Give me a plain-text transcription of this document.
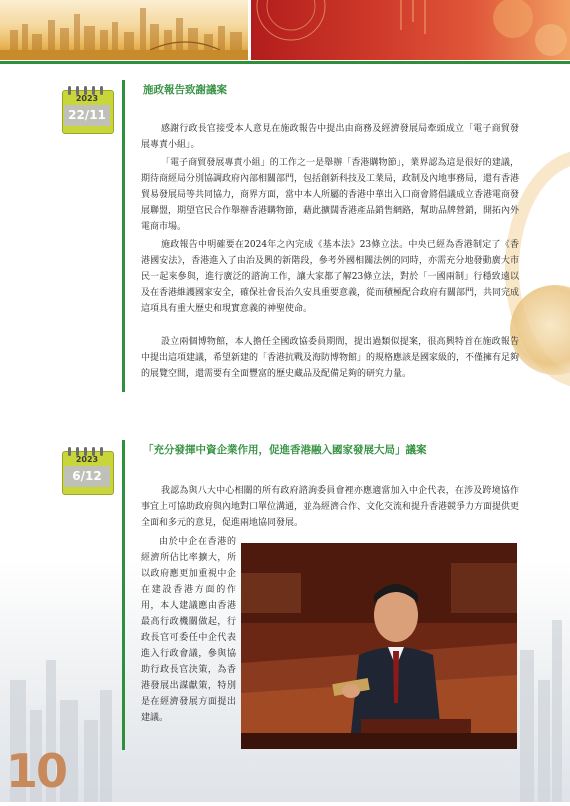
2023
22/11
施政報告致謝議案

感謝行政長官接受本人意見在施政報告中提出由商務及經濟發展局牽頭成立「電子商貿發展專責小組」。

「電子商貿發展專責小組」的工作之一是舉辦「香港購物節」，業界認為這是很好的建議，期待商經局分別協調政府內部相關部門，包括創新科技及工業局，政制及內地事務局，還有香港貿易發展局等共同協力，商界方面，當中本人所屬的香港中華出入口商會將倡議成立香港電商發展聯盟，期望官民合作舉辦香港購物節，藉此擴闊香港產品銷售網路，幫助品牌營銷，開拓內外電商市場。

施政報告中明確要在2024年之內完成《基本法》23條立法。中央已經為香港制定了《香港國安法》，香港進入了由治及興的新階段，參考外國相關法例的同時，亦需充分地發動廣大市民一起來參與，進行廣泛的諮詢工作，讓大家都了解23條立法，對於「一國兩制」行穩致遠以及在香港維護國家安全，確保社會長治久安具重要意義，從而積極配合政府有關部門，共同完成這項具有重大歷史和現實意義的神聖使命。

設立兩個博物館，本人擔任全國政協委員期間，提出過類似提案，很高興特首在施政報告中提出這項建議，希望新建的「香港抗戰及海防博物館」的規格應該是國家級的，不僅擁有足夠的展覽空間，還需要有全面豐富的歷史藏品及配備足夠的研究力量。

2023
6/12
「充分發揮中資企業作用，促進香港融入國家發展大局」議案

我認為與八大中心相關的所有政府諮詢委員會裡亦應適當加入中企代表，在涉及跨境協作事宜上可協助政府與內地對口單位溝通，並為經濟合作、文化交流和提升香港競爭力方面提供更全面和多元的意見，促進兩地協同發展。

由於中企在香港的經濟所佔比率擴大，所以政府應更加重視中企在建設香港方面的作用，本人建議應由香港最高行政機關做起，行政長官可委任中企代表進入行政會議，參與協助行政長官決策，為香港發展出謀獻策，特別是在經濟發展方面提出建議。

10
